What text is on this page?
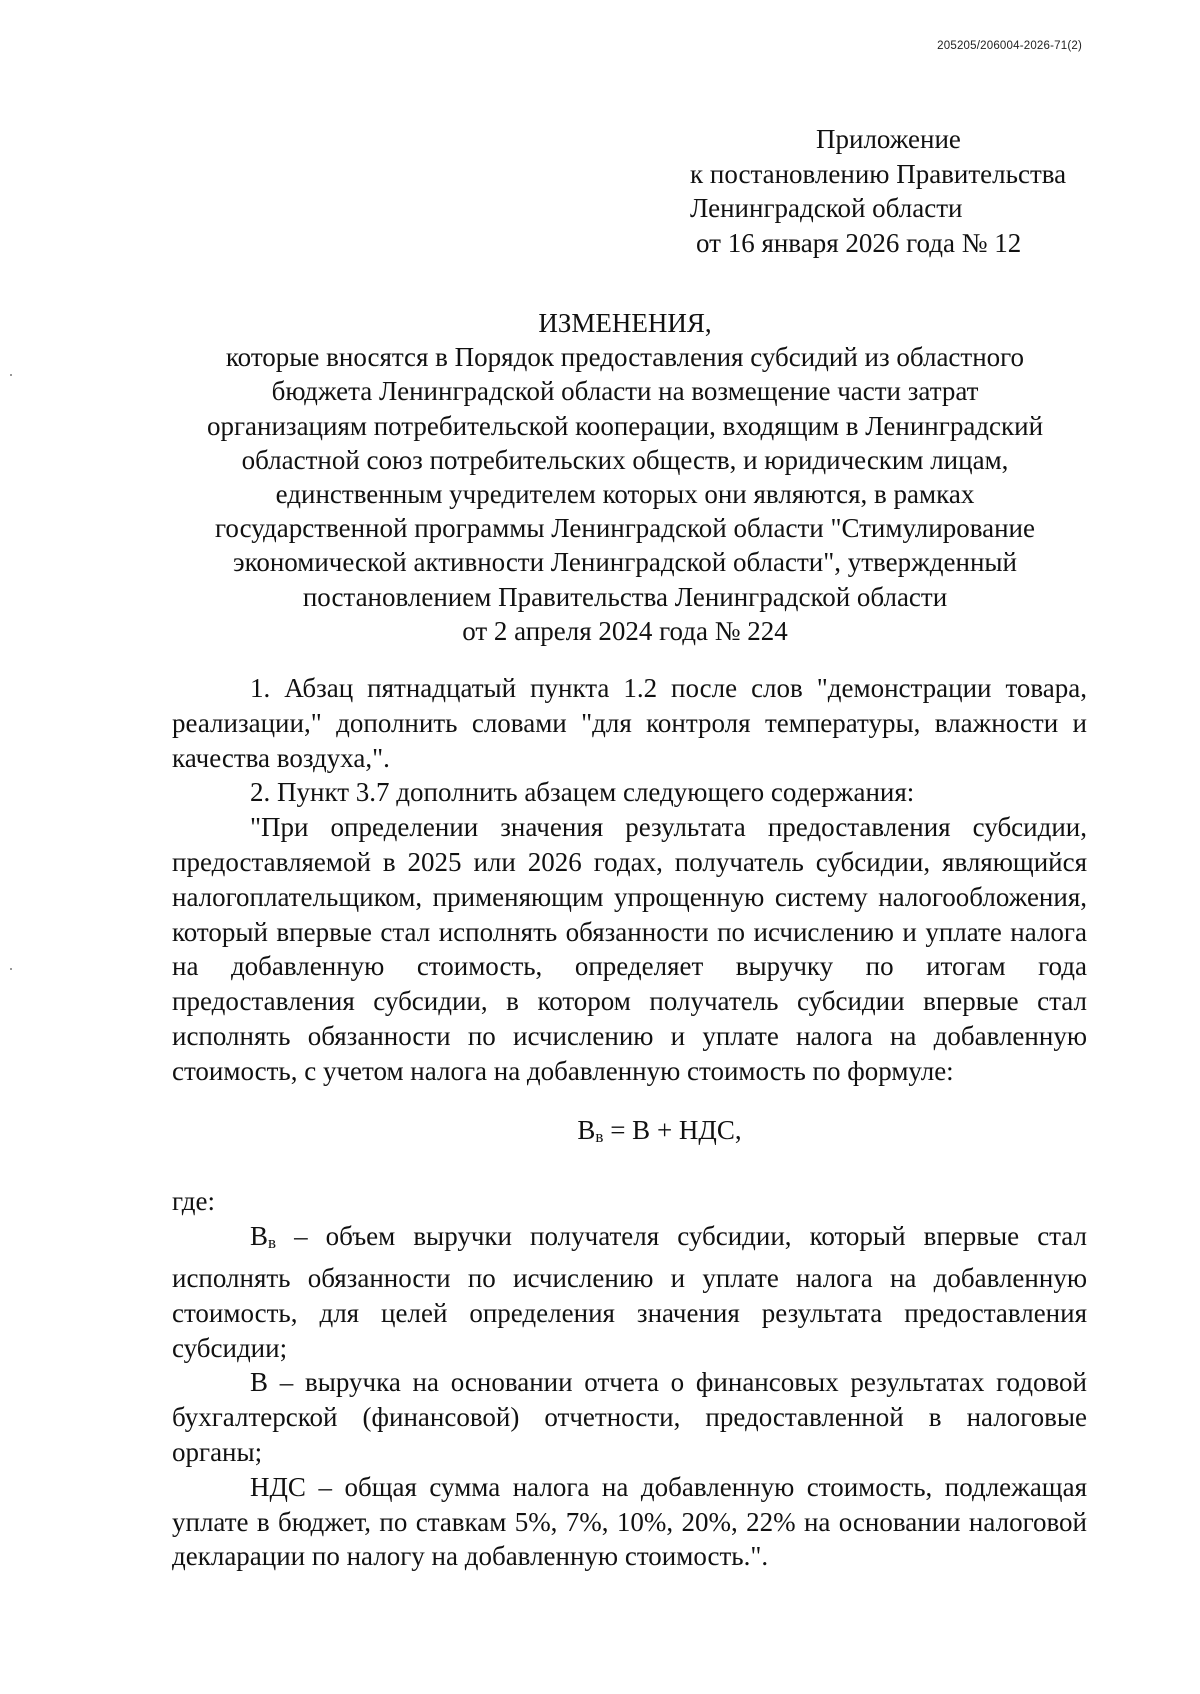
205205/206004-2026-71(2)
Приложение
к постановлению Правительства
Ленинградской области
от 16 января 2026 года № 12
ИЗМЕНЕНИЯ,
которые вносятся в Порядок предоставления субсидий из областного
бюджета Ленинградской области на возмещение части затрат
организациям потребительской кооперации, входящим в Ленинградский
областной союз потребительских обществ, и юридическим лицам,
единственным учредителем которых они являются, в рамках
государственной программы Ленинградской области "Стимулирование
экономической активности Ленинградской области", утвержденный
постановлением Правительства Ленинградской области
от 2 апреля 2024 года № 224

1. Абзац пятнадцатый пункта 1.2 после слов "демонстрации товара, реализации," дополнить словами "для контроля температуры, влажности и качества воздуха,".

2. Пункт 3.7 дополнить абзацем следующего содержания:

"При определении значения результата предоставления субсидии, предоставляемой в 2025 или 2026 годах, получатель субсидии, являющийся налогоплательщиком, применяющим упрощенную систему налогообложения, который впервые стал исполнять обязанности по исчислению и уплате налога на добавленную стоимость, определяет выручку по итогам года предоставления субсидии, в котором получатель субсидии впервые стал исполнять обязанности по исчислению и уплате налога на добавленную стоимость, с учетом налога на добавленную стоимость по формуле:

$В_в = В$ + НДС,

где:

$В_в$ – объем выручки получателя субсидии, который впервые стал исполнять обязанности по исчислению и уплате налога на добавленную стоимость, для целей определения значения результата предоставления субсидии;

В – выручка на основании отчета о финансовых результатах годовой бухгалтерской (финансовой) отчетности, предоставленной в налоговые органы;

НДС – общая сумма налога на добавленную стоимость, подлежащая уплате в бюджет, по ставкам 5%, 7%, 10%, 20%, 22% на основании налоговой декларации по налогу на добавленную стоимость.".
